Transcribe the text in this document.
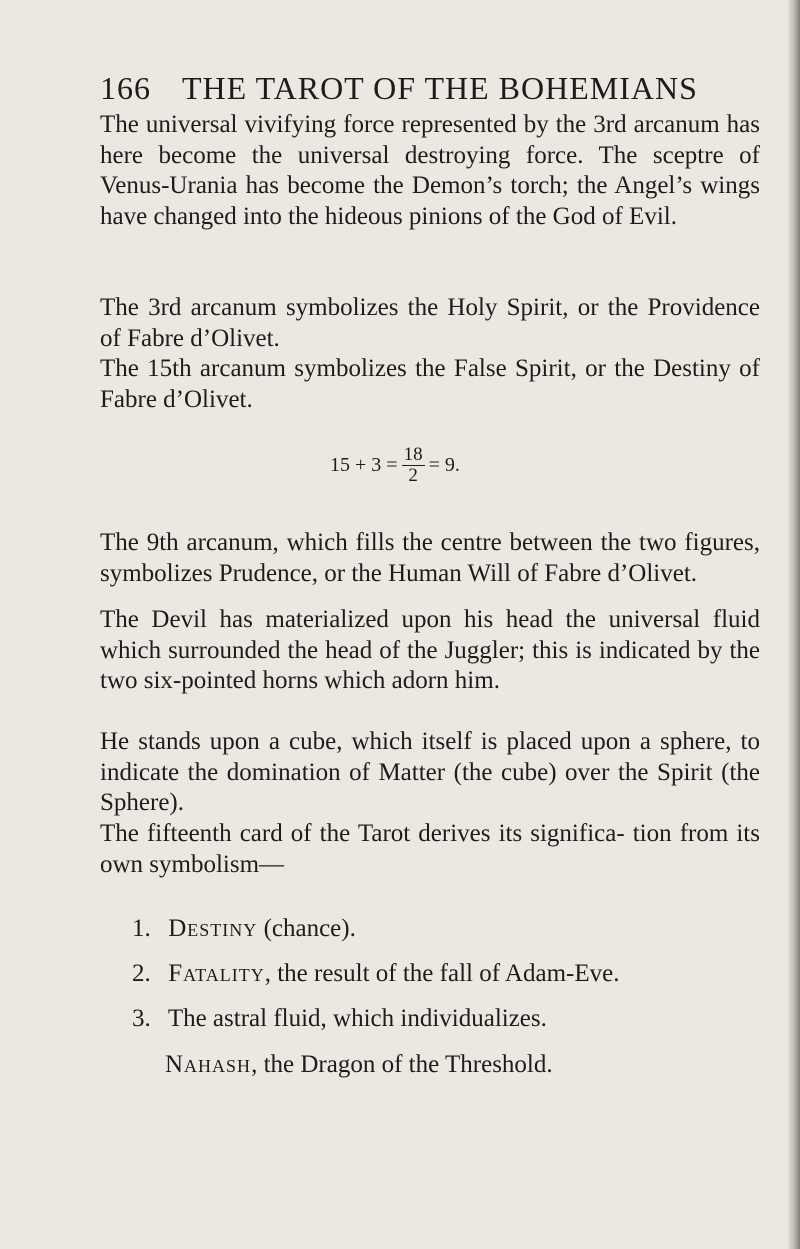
166 THE TAROT OF THE BOHEMIANS

The universal vivifying force represented by the 3rd arcanum has here become the universal destroying force. The sceptre of Venus-Urania has become the Demon’s torch; the Angel’s wings have changed into the hideous pinions of the God of Evil.

The 3rd arcanum symbolizes the Holy Spirit, or the Providence of Fabre d’Olivet.

The 15th arcanum symbolizes the False Spirit, or the Destiny of Fabre d’Olivet.

$15 + 3 = \frac{18}{2} = 9$.

The 9th arcanum, which fills the centre between the two figures, symbolizes Prudence, or the Human Will of Fabre d’Olivet.

The Devil has materialized upon his head the universal fluid which surrounded the head of the Juggler; this is indicated by the two six-pointed horns which adorn him.

He stands upon a cube, which itself is placed upon a sphere, to indicate the domination of Matter (the cube) over the Spirit (the Sphere).

The fifteenth card of the Tarot derives its significa- tion from its own symbolism—

1. Destiny (chance).
2. Fatality, the result of the fall of Adam-Eve.
3. The astral fluid, which individualizes.
Nahash, the Dragon of the Threshold.
